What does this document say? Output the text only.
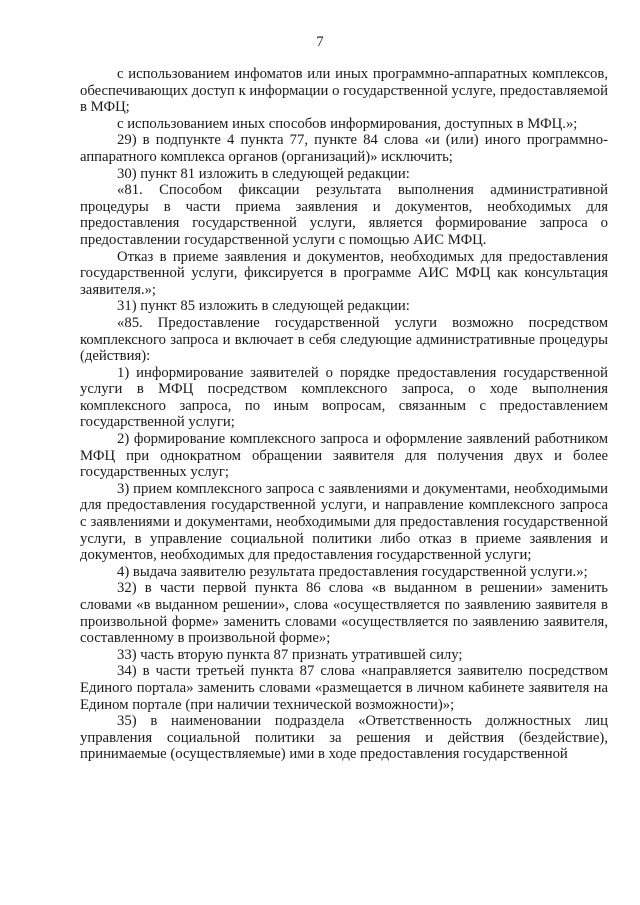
7

с использованием инфоматов или иных программно-аппаратных комплексов, обеспечивающих доступ к информации о государственной услуге, предоставляемой в МФЦ;

с использованием иных способов информирования, доступных в МФЦ.»;

29) в подпункте 4 пункта 77, пункте 84 слова «и (или) иного программно-аппаратного комплекса органов (организаций)» исключить;

30) пункт 81 изложить в следующей редакции:

«81. Способом фиксации результата выполнения административной процедуры в части приема заявления и документов, необходимых для предоставления государственной услуги, является формирование запроса о предоставлении государственной услуги с помощью АИС МФЦ.

Отказ в приеме заявления и документов, необходимых для предоставления государственной услуги, фиксируется в программе АИС МФЦ как консультация заявителя.»;

31) пункт 85 изложить в следующей редакции:

«85. Предоставление государственной услуги возможно посредством комплексного запроса и включает в себя следующие административные процедуры (действия):

1) информирование заявителей о порядке предоставления государственной услуги в МФЦ посредством комплексного запроса, о ходе выполнения комплексного запроса, по иным вопросам, связанным с предоставлением государственной услуги;

2) формирование комплексного запроса и оформление заявлений работником МФЦ при однократном обращении заявителя для получения двух и более государственных услуг;

3) прием комплексного запроса с заявлениями и документами, необходимыми для предоставления государственной услуги, и направление комплексного запроса с заявлениями и документами, необходимыми для предоставления государственной услуги, в управление социальной политики либо отказ в приеме заявления и документов, необходимых для предоставления государственной услуги;

4) выдача заявителю результата предоставления государственной услуги.»;

32) в части первой пункта 86 слова «в выданном в решении» заменить словами «в выданном решении», слова «осуществляется по заявлению заявителя в произвольной форме» заменить словами «осуществляется по заявлению заявителя, составленному в произвольной форме»;

33) часть вторую пункта 87 признать утратившей силу;

34) в части третьей пункта 87 слова «направляется заявителю посредством Единого портала» заменить словами «размещается в личном кабинете заявителя на Едином портале (при наличии технической возможности)»;

35) в наименовании подраздела «Ответственность должностных лиц управления социальной политики за решения и действия (бездействие), принимаемые (осуществляемые) ими в ходе предоставления государственной
